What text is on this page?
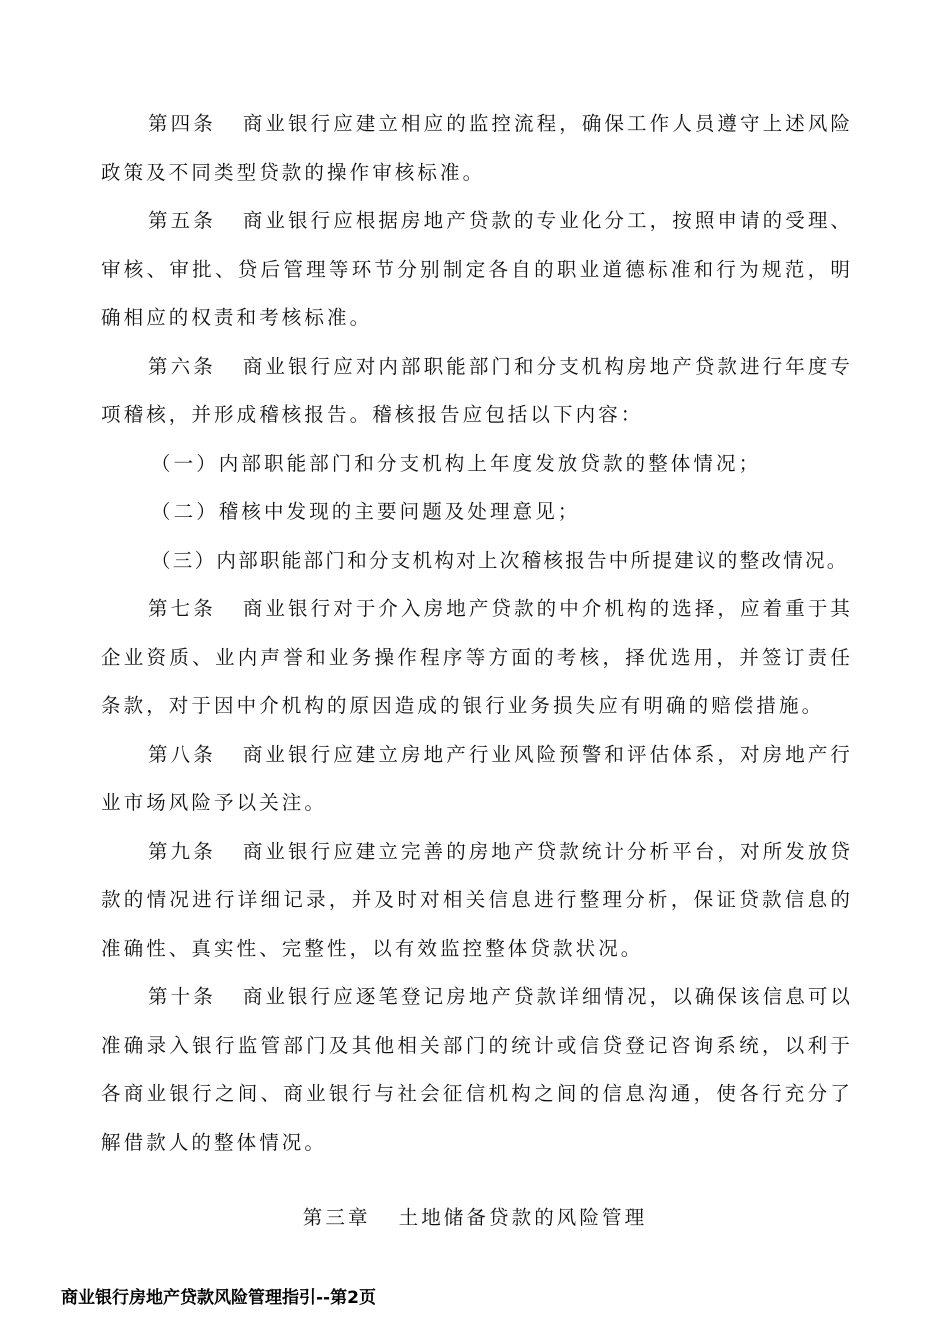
第四条 商业银行应建立相应的监控流程，确保工作人员遵守上述风险政策及不同类型贷款的操作审核标准。

第五条 商业银行应根据房地产贷款的专业化分工，按照申请的受理、审核、审批、贷后管理等环节分别制定各自的职业道德标准和行为规范，明确相应的权责和考核标准。

第六条 商业银行应对内部职能部门和分支机构房地产贷款进行年度专项稽核，并形成稽核报告。稽核报告应包括以下内容：

（一）内部职能部门和分支机构上年度发放贷款的整体情况；

（二）稽核中发现的主要问题及处理意见；

（三）内部职能部门和分支机构对上次稽核报告中所提建议的整改情况。

第七条 商业银行对于介入房地产贷款的中介机构的选择，应着重于其企业资质、业内声誉和业务操作程序等方面的考核，择优选用，并签订责任条款，对于因中介机构的原因造成的银行业务损失应有明确的赔偿措施。

第八条 商业银行应建立房地产行业风险预警和评估体系，对房地产行业市场风险予以关注。

第九条 商业银行应建立完善的房地产贷款统计分析平台，对所发放贷款的情况进行详细记录，并及时对相关信息进行整理分析，保证贷款信息的准确性、真实性、完整性，以有效监控整体贷款状况。

第十条 商业银行应逐笔登记房地产贷款详细情况，以确保该信息可以准确录入银行监管部门及其他相关部门的统计或信贷登记咨询系统，以利于各商业银行之间、商业银行与社会征信机构之间的信息沟通，使各行充分了解借款人的整体情况。

第三章 土地储备贷款的风险管理
商业银行房地产贷款风险管理指引--第2页
